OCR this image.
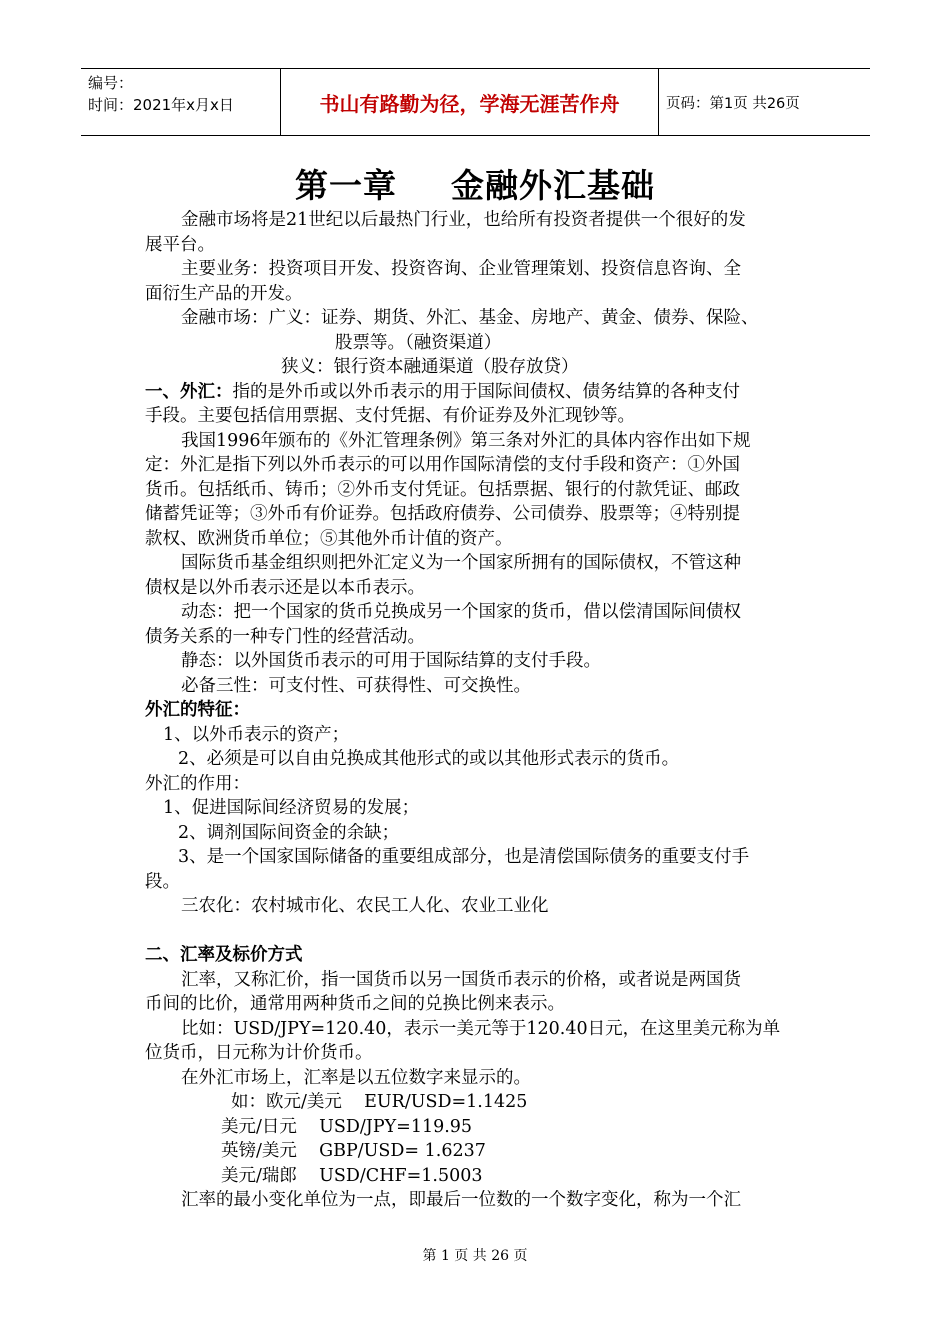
编号：
时间：2021年x月x日	书山有路勤为径，学海无涯苦作舟	页码：第1页 共26页
第一章 金融外汇基础

金融市场将是21世纪以后最热门行业，也给所有投资者提供一个很好的发

展平台。

主要业务：投资项目开发、投资咨询、企业管理策划、投资信息咨询、全

面衍生产品的开发。

金融市场：广义：证券、期货、外汇、基金、房地产、黄金、债券、保险、

股票等。（融资渠道）

狭义：银行资本融通渠道（股存放贷）

一、外汇：指的是外币或以外币表示的用于国际间债权、债务结算的各种支付

手段。主要包括信用票据、支付凭据、有价证券及外汇现钞等。

我国1996年颁布的《外汇管理条例》第三条对外汇的具体内容作出如下规

定：外汇是指下列以外币表示的可以用作国际清偿的支付手段和资产：①外国

货币。包括纸币、铸币；②外币支付凭证。包括票据、银行的付款凭证、邮政

储蓄凭证等；③外币有价证券。包括政府债券、公司债券、股票等；④特别提

款权、欧洲货币单位；⑤其他外币计值的资产。

国际货币基金组织则把外汇定义为一个国家所拥有的国际债权，不管这种

债权是以外币表示还是以本币表示。

动态：把一个国家的货币兑换成另一个国家的货币，借以偿清国际间债权

债务关系的一种专门性的经营活动。

静态：以外国货币表示的可用于国际结算的支付手段。

必备三性：可支付性、可获得性、可交换性。

外汇的特征：

1、以外币表示的资产；

2、必须是可以自由兑换成其他形式的或以其他形式表示的货币。

外汇的作用：

1、促进国际间经济贸易的发展；

2、调剂国际间资金的余缺；

3、是一个国家国际储备的重要组成部分，也是清偿国际债务的重要支付手

段。

三农化：农村城市化、农民工人化、农业工业化

二、汇率及标价方式

汇率，又称汇价，指一国货币以另一国货币表示的价格，或者说是两国货

币间的比价，通常用两种货币之间的兑换比例来表示。

比如：USD/JPY=120.40，表示一美元等于120.40日元，在这里美元称为单

位货币，日元称为计价货币。

在外汇市场上，汇率是以五位数字来显示的。

如：欧元/美元    EUR/USD=1.1425

美元/日元    USD/JPY=119.95

英镑/美元    GBP/USD= 1.6237

美元/瑞郎    USD/CHF=1.5003

汇率的最小变化单位为一点，即最后一位数的一个数字变化，称为一个汇

第 1 页 共 26 页
